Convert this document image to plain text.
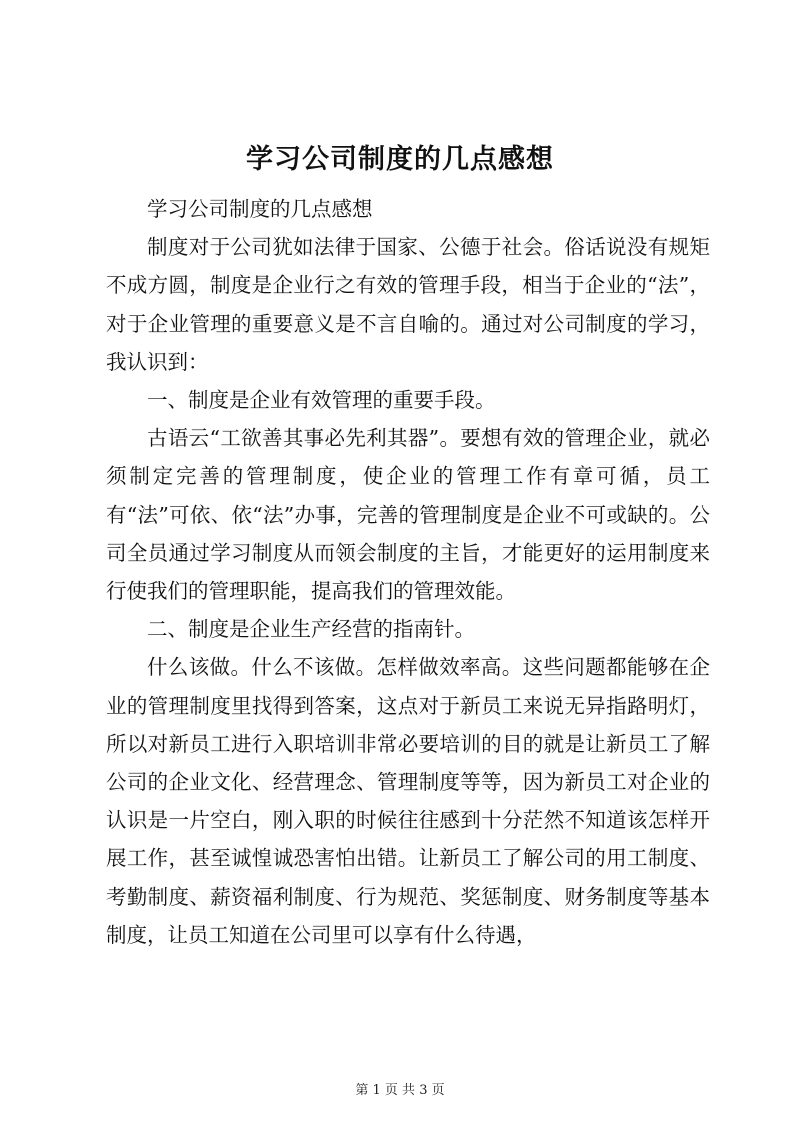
学习公司制度的几点感想

学习公司制度的几点感想

制度对于公司犹如法律于国家、公德于社会。俗话说没有规矩不成方圆，制度是企业行之有效的管理手段，相当于企业的“法”，对于企业管理的重要意义是不言自喻的。通过对公司制度的学习，我认识到：

一、制度是企业有效管理的重要手段。

古语云“工欲善其事必先利其器”。要想有效的管理企业，就必须制定完善的管理制度，使企业的管理工作有章可循，员工有“法”可依、依“法”办事，完善的管理制度是企业不可或缺的。公司全员通过学习制度从而领会制度的主旨，才能更好的运用制度来行使我们的管理职能，提高我们的管理效能。

二、制度是企业生产经营的指南针。

什么该做。什么不该做。怎样做效率高。这些问题都能够在企业的管理制度里找得到答案，这点对于新员工来说无异指路明灯，所以对新员工进行入职培训非常必要培训的目的就是让新员工了解公司的企业文化、经营理念、管理制度等等，因为新员工对企业的认识是一片空白，刚入职的时候往往感到十分茫然不知道该怎样开展工作，甚至诚惶诚恐害怕出错。让新员工了解公司的用工制度、考勤制度、薪资福利制度、行为规范、奖惩制度、财务制度等基本制度，让员工知道在公司里可以享有什么待遇，

第 1 页 共 3 页
